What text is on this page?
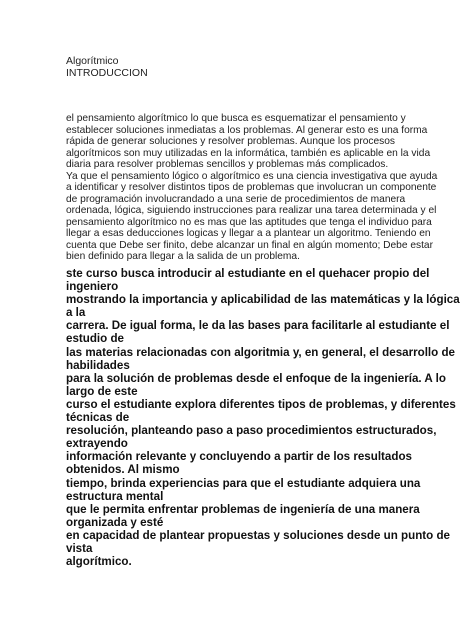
Algorítmico
INTRODUCCION
el pensamiento algorítmico lo que busca es esquematizar el pensamiento y
establecer soluciones inmediatas a los problemas. Al generar esto es una forma
rápida de generar soluciones y resolver problemas. Aunque los procesos
algorítmicos son muy utilizadas en la informática, también es aplicable en la vida
diaria para resolver problemas sencillos y problemas más complicados.
Ya que el pensamiento lógico o algorítmico es una ciencia investigativa que ayuda
a identificar y resolver distintos tipos de problemas que involucran un componente
de programación involucrandado a una serie de procedimientos de manera
ordenada, lógica, siguiendo instrucciones para realizar una tarea determinada y el
pensamiento algorítmico no es mas que las aptitudes que tenga el individuo para
llegar a esas deducciones logicas y llegar a a plantear un algoritmo. Teniendo en
cuenta que Debe ser finito, debe alcanzar un final en algún momento; Debe estar
bien definido para llegar a la salida de un problema.
ste curso busca introducir al estudiante en el quehacer propio del
ingeniero
mostrando la importancia y aplicabilidad de las matemáticas y la lógica
a la
carrera. De igual forma, le da las bases para facilitarle al estudiante el
estudio de
las materias relacionadas con algoritmia y, en general, el desarrollo de
habilidades
para la solución de problemas desde el enfoque de la ingeniería. A lo
largo de este
curso el estudiante explora diferentes tipos de problemas, y diferentes
técnicas de
resolución, planteando paso a paso procedimientos estructurados,
extrayendo
información relevante y concluyendo a partir de los resultados
obtenidos. Al mismo
tiempo, brinda experiencias para que el estudiante adquiera una
estructura mental
que le permita enfrentar problemas de ingeniería de una manera
organizada y esté
en capacidad de plantear propuestas y soluciones desde un punto de
vista
algorítmico.
